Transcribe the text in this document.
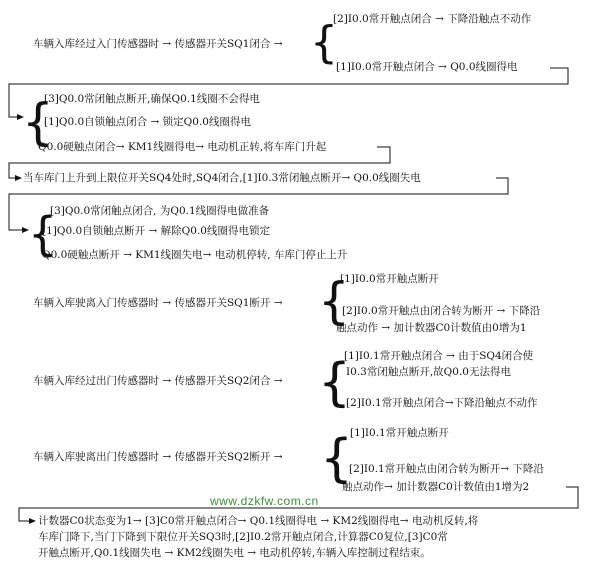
车辆入库经过入门传感器时 → 传感器开关SQ1闭合 → {
[2]I0.0常开触点闭合 → 下降沿触点不动作
[1]I0.0常开触点闭合 → Q0.0线圈得电
{
[3]Q0.0常闭触点断开,确保Q0.1线圈不会得电
[1]Q0.0自锁触点闭合 → 锁定Q0.0线圈得电
Q0.0硬触点闭合→ KM1线圈得电→ 电动机正转,将车库门升起
当车库门上升到上限位开关SQ4处时,SQ4闭合,[1]I0.3常闭触点断开→ Q0.0线圈失电
{
[3]Q0.0常闭触点闭合, 为Q0.1线圈得电做准备
[1]Q0.0自锁触点断开 → 解除Q0.0线圈得电锁定
Q0.0硬触点断开 → KM1线圈失电→ 电动机停转, 车库门停止上升
车辆入库驶离入门传感器时 → 传感器开关SQ1断开 → {
[1]I0.0常开触点断开
[2]I0.0常开触点由闭合转为断开 → 下降沿
触点动作 → 加计数器C0计数值由0增为1
车辆入库经过出门传感器时 → 传感器开关SQ2闭合 → {
[1]I0.1常开触点闭合 → 由于SQ4闭合使
I0.3常闭触点断开,故Q0.0无法得电
[2]I0.1常开触点闭合→下降沿触点不动作
车辆入库驶离出门传感器时 → 传感器开关SQ2断开 → {
[1]I0.1常开触点断开
[2]I0.1常开触点由闭合转为断开→ 下降沿
触点动作→ 加计数器C0计数值由1增为2
www.dzkfw.com.cn
计数器C0状态变为1→ [3]C0常开触点闭合→ Q0.1线圈得电 → KM2线圈得电→ 电动机反转,将
车库门降下,当门下降到下限位开关SQ3时,[2]I0.2常开触点闭合,计算器C0复位,[3]C0常
开触点断开,Q0.1线圈失电 → KM2线圈失电 → 电动机停转,车辆入库控制过程结束。
